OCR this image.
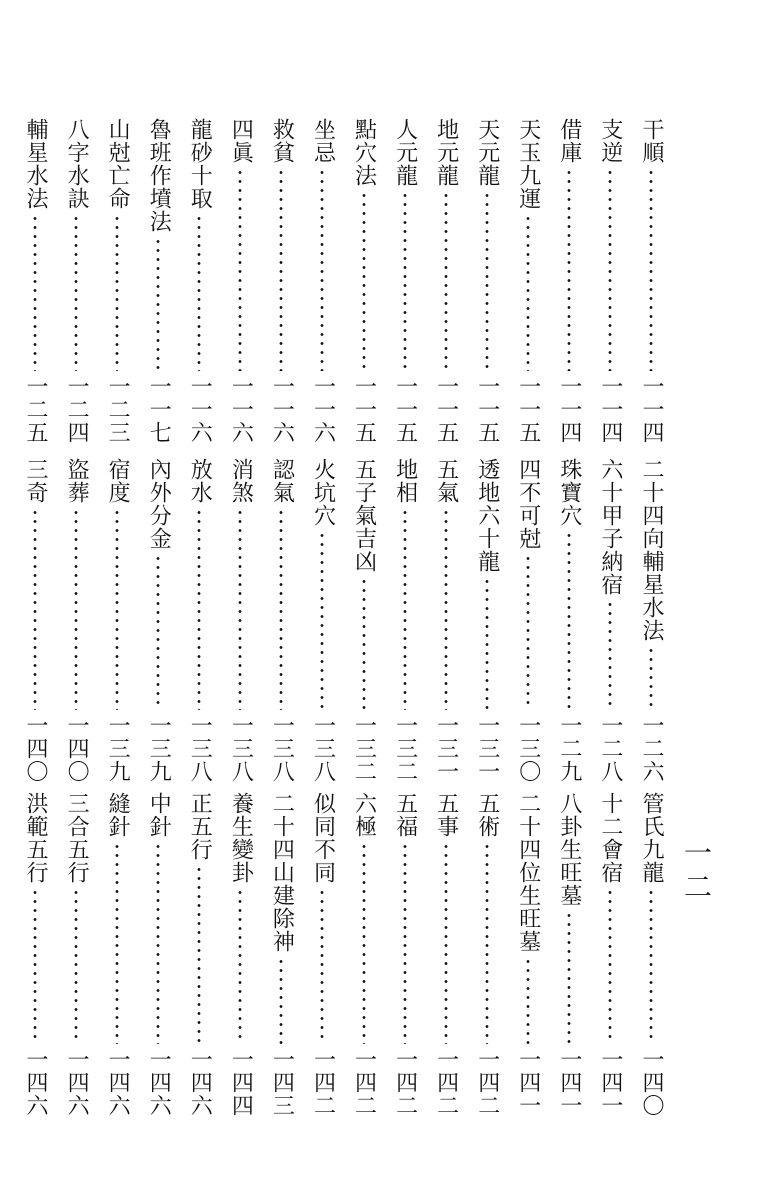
一二
干順
一一四
支逆
一一四
借庫
一一四
天玉九運
一一五
天元龍
一一五
地元龍
一一五
人元龍
一一五
點穴法
一一五
坐忌
一一六
救貧
一一六
四眞
一一六
龍砂十取
一一六
魯班作墳法
一一七
山尅亡命
一二三
八字水訣
一二四
輔星水法
一二五
二十四向輔星水法
一二六
六十甲子納宿
一二八
珠寶穴
一二九
四不可尅
一三〇
透地六十龍
一三一
五氣
一三一
地相
一三二
五子氣吉凶
一三二
火坑穴
一三八
認氣
一三八
消煞
一三八
放水
一三八
內外分金
一三九
宿度
一三九
盜葬
一四〇
三奇
一四〇
管氏九龍
一四〇
十二會宿
一四一
八卦生旺墓
一四一
二十四位生旺墓
一四一
五術
一四二
五事
一四二
五福
一四二
六極
一四二
似同不同
一四二
二十四山建除神
一四三
養生變卦
一四四
正五行
一四六
中針
一四六
縫針
一四六
三合五行
一四六
洪範五行
一四六
